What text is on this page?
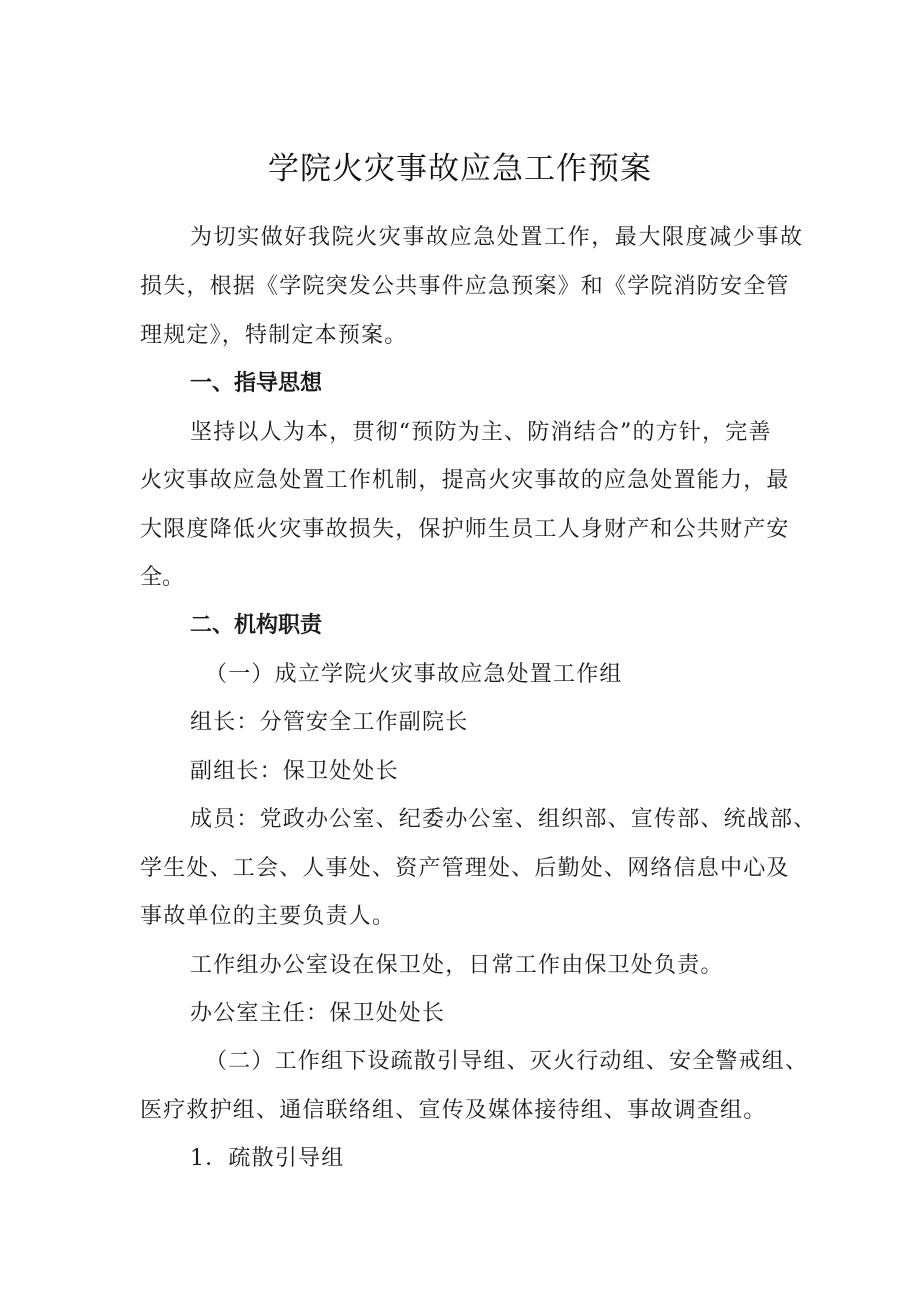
学院火灾事故应急工作预案
为切实做好我院火灾事故应急处置工作，最大限度减少事故
损失，根据《学院突发公共事件应急预案》和《学院消防安全管
理规定》，特制定本预案。
一、指导思想
坚持以人为本，贯彻“预防为主、防消结合”的方针，完善
火灾事故应急处置工作机制，提高火灾事故的应急处置能力，最
大限度降低火灾事故损失，保护师生员工人身财产和公共财产安
全。
二、机构职责
（一）成立学院火灾事故应急处置工作组
组长：分管安全工作副院长
副组长：保卫处处长
成员：党政办公室、纪委办公室、组织部、宣传部、统战部、
学生处、工会、人事处、资产管理处、后勤处、网络信息中心及
事故单位的主要负责人。
工作组办公室设在保卫处，日常工作由保卫处负责。
办公室主任：保卫处处长
（二）工作组下设疏散引导组、灭火行动组、安全警戒组、
医疗救护组、通信联络组、宣传及媒体接待组、事故调查组。
1．疏散引导组
